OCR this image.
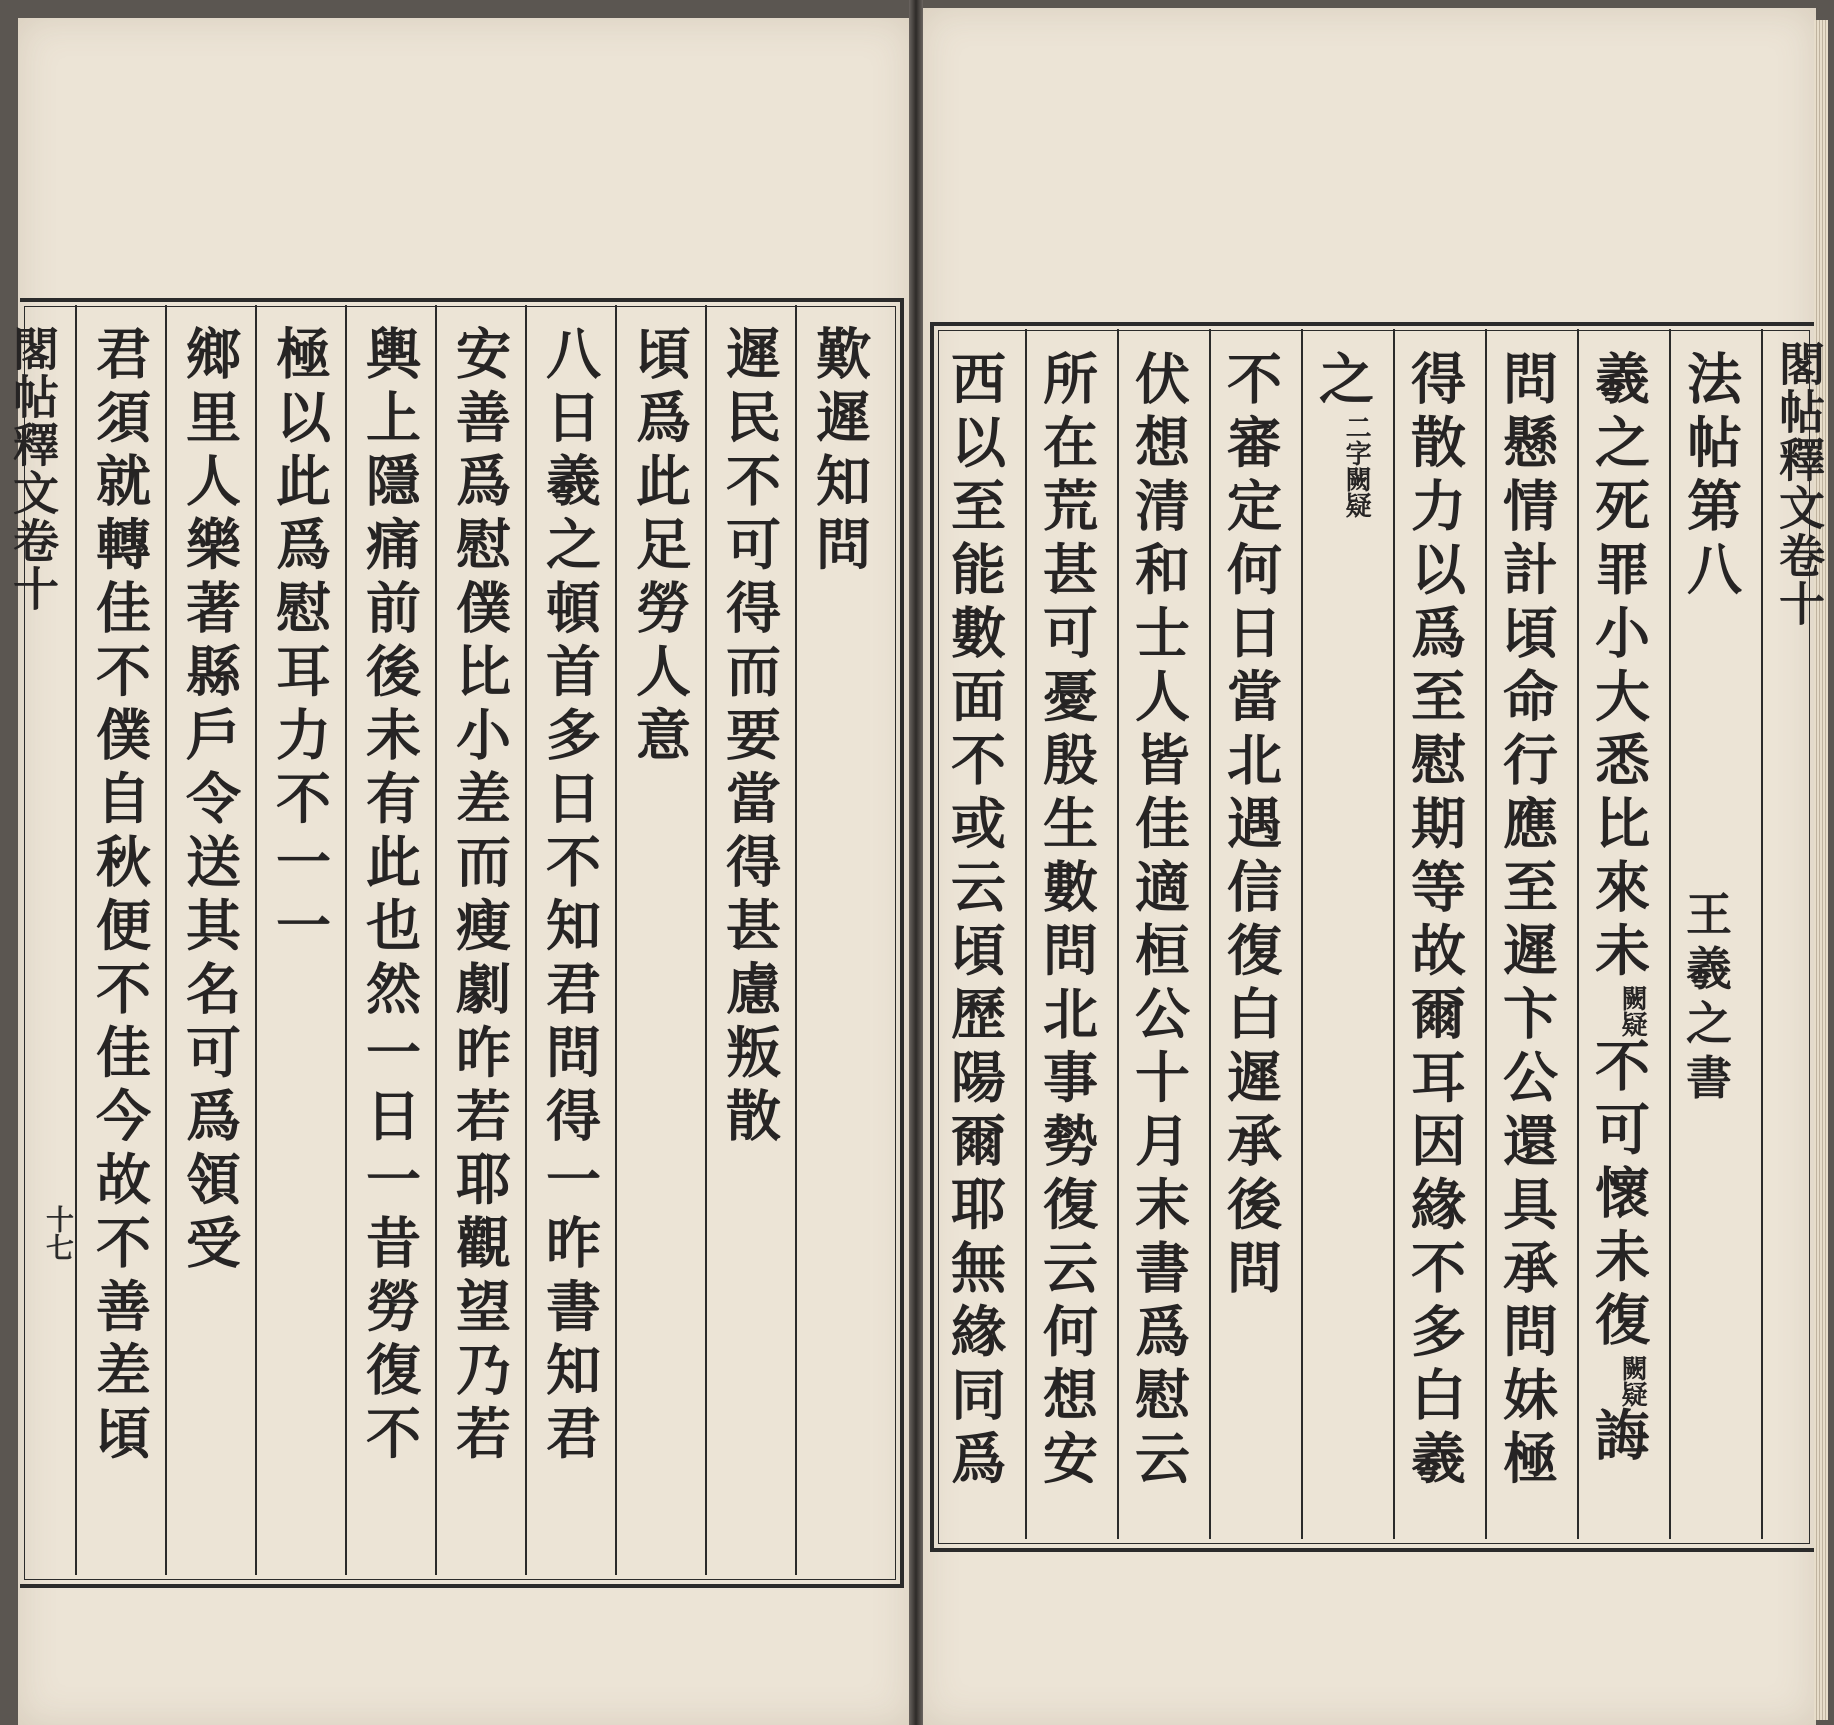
閣帖釋文卷十
十七
歎遲知問
遲民不可得而要當得甚慮叛散
頃爲此足勞人意
八日羲之頓首多日不知君問得一昨書知君
安善爲慰僕比小差而瘦劇昨若耶觀望乃若
輿上隱痛前後未有此也然一日一昔勞復不
極以此爲慰耳力不一一
鄉里人樂著縣戶令送其名可爲領受
君須就轉佳不僕自秋便不佳今故不善差頃	閣帖釋文卷十
法帖第八
王羲之書
羲之死罪小大悉比來未
闕
疑
不可懷未復
闕
疑
誨
問懸情計頃命行應至遲卞公還具承問妹極
得散力以爲至慰期等故爾耳因緣不多白羲
之
二字
闕疑
不審定何日當北遇信復白遲承後問
伏想清和士人皆佳適桓公十月末書爲慰云
所在荒甚可憂殷生數問北事勢復云何想安
西以至能數面不或云頃歷陽爾耶無緣同爲
